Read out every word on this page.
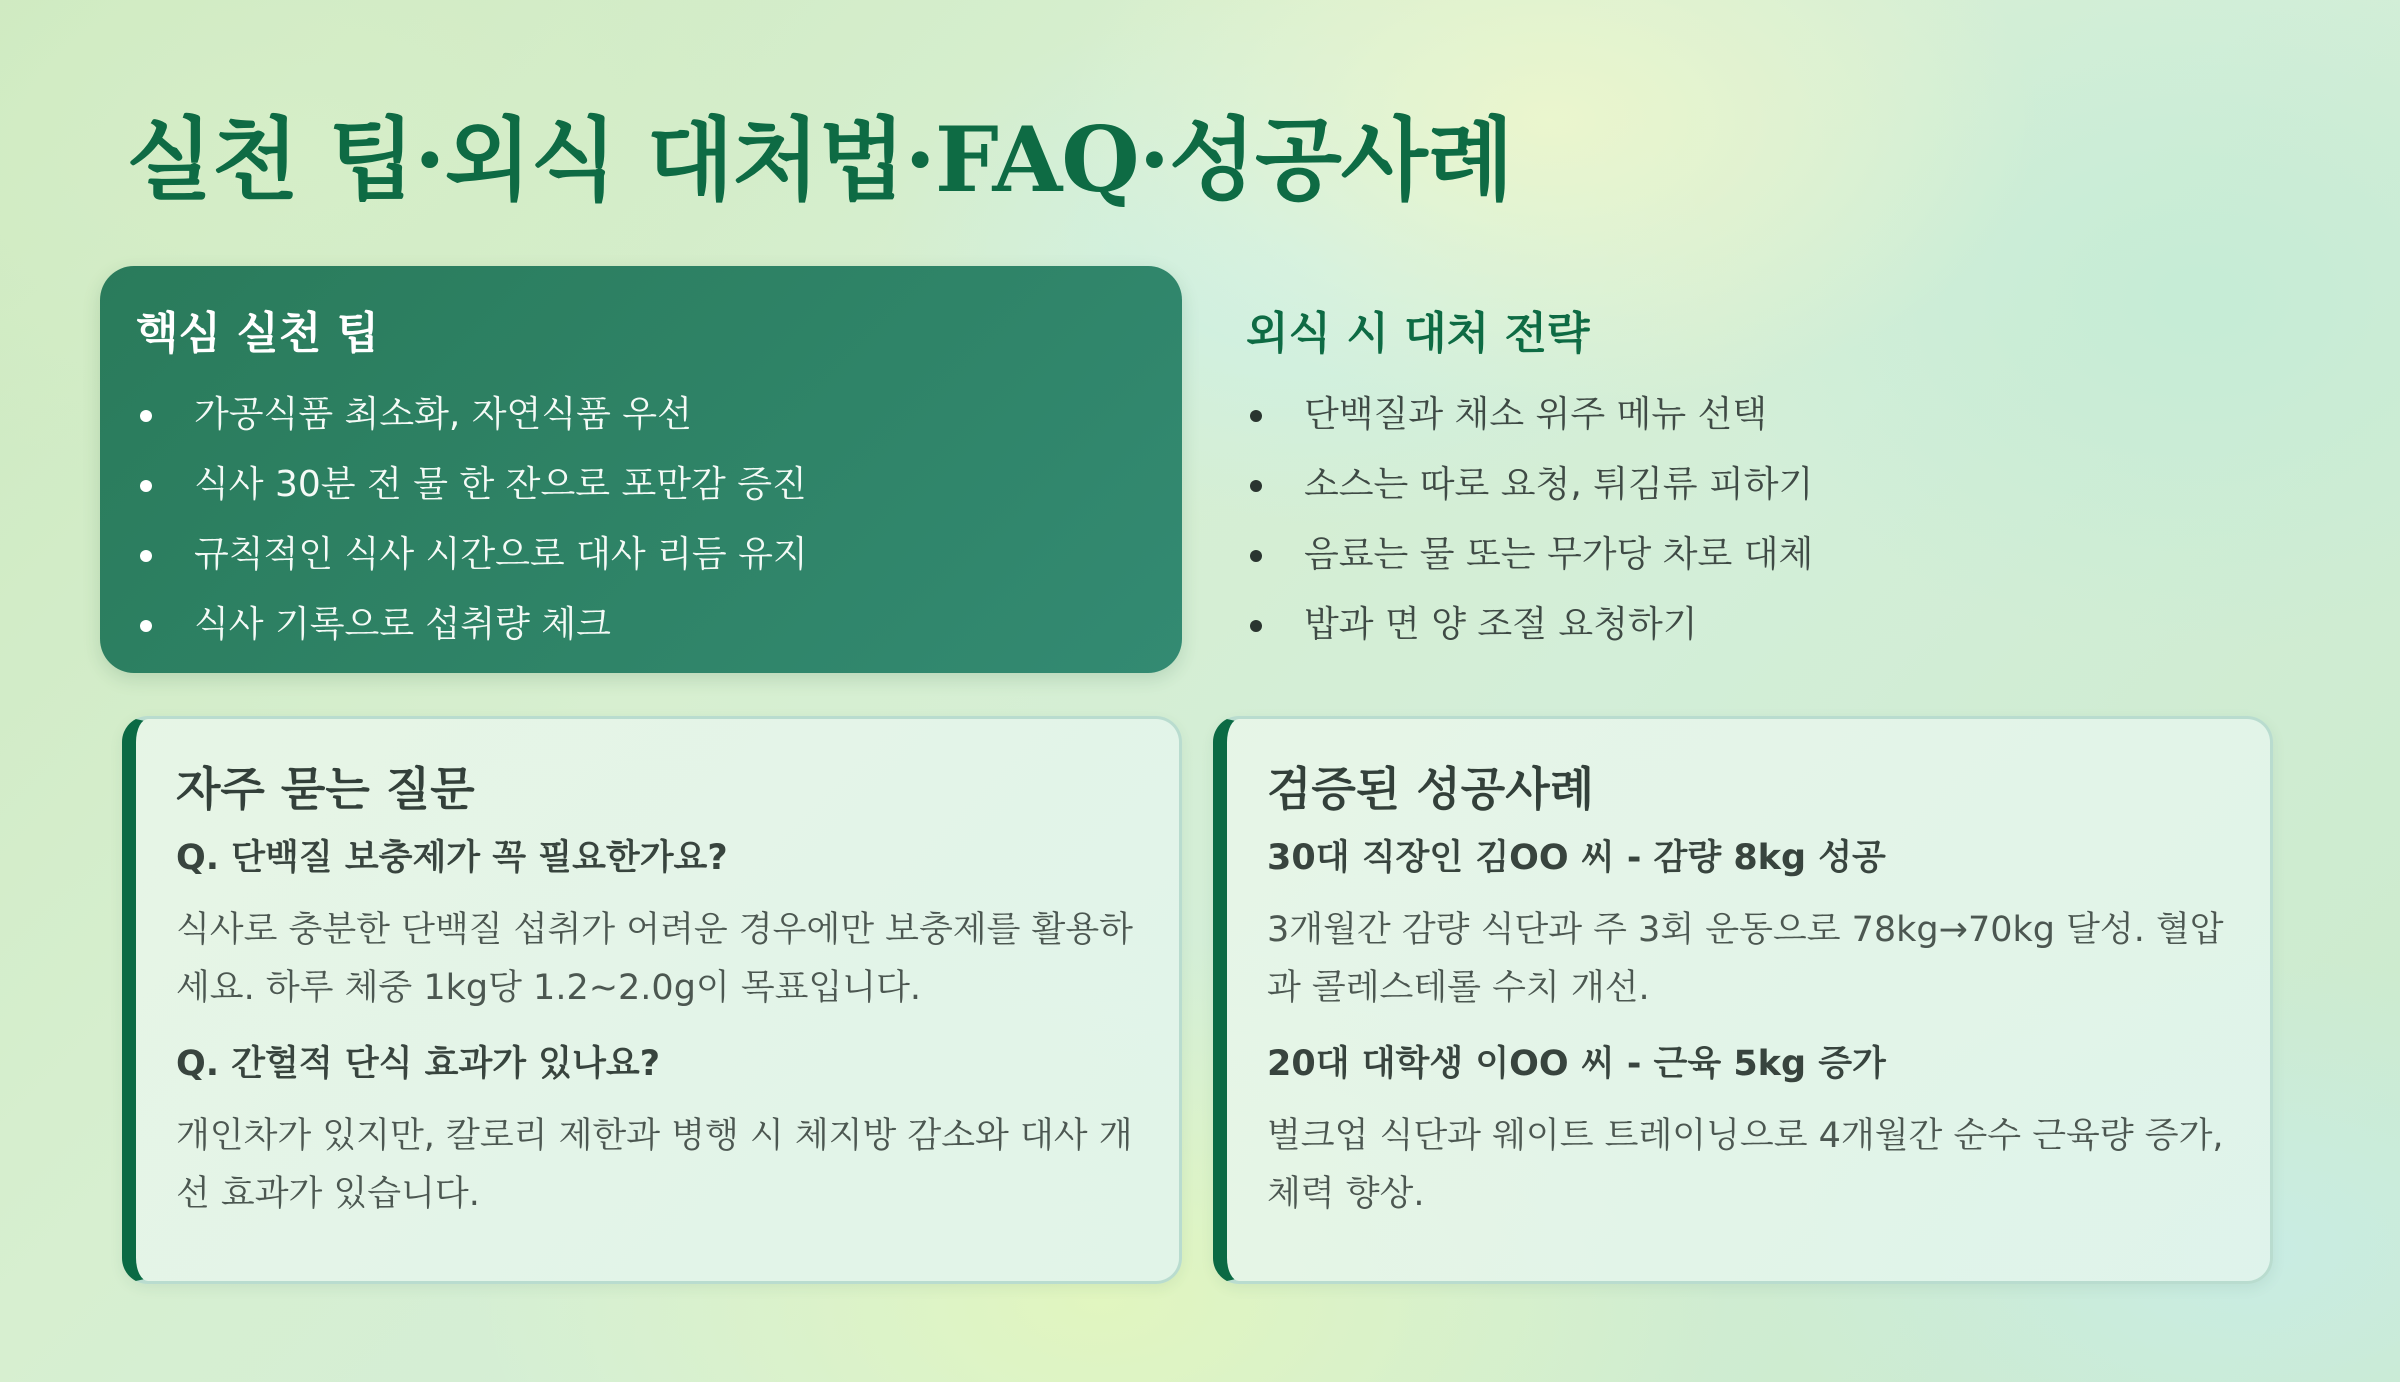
실천 팁·외식 대처법·FAQ·성공사례
핵심 실천 팁
가공식품 최소화, 자연식품 우선
식사 30분 전 물 한 잔으로 포만감 증진
규칙적인 식사 시간으로 대사 리듬 유지
식사 기록으로 섭취량 체크
외식 시 대처 전략
단백질과 채소 위주 메뉴 선택
소스는 따로 요청, 튀김류 피하기
음료는 물 또는 무가당 차로 대체
밥과 면 양 조절 요청하기
자주 묻는 질문

Q. 단백질 보충제가 꼭 필요한가요?

식사로 충분한 단백질 섭취가 어려운 경우에만 보충제를 활용하세요. 하루 체중 1kg당 1.2~2.0g이 목표입니다.

Q. 간헐적 단식 효과가 있나요?

개인차가 있지만, 칼로리 제한과 병행 시 체지방 감소와 대사 개선 효과가 있습니다.

검증된 성공사례

30대 직장인 김OO 씨 - 감량 8kg 성공

3개월간 감량 식단과 주 3회 운동으로 78kg→70kg 달성. 혈압과 콜레스테롤 수치 개선.

20대 대학생 이OO 씨 - 근육 5kg 증가

벌크업 식단과 웨이트 트레이닝으로 4개월간 순수 근육량 증가, 체력 향상.
